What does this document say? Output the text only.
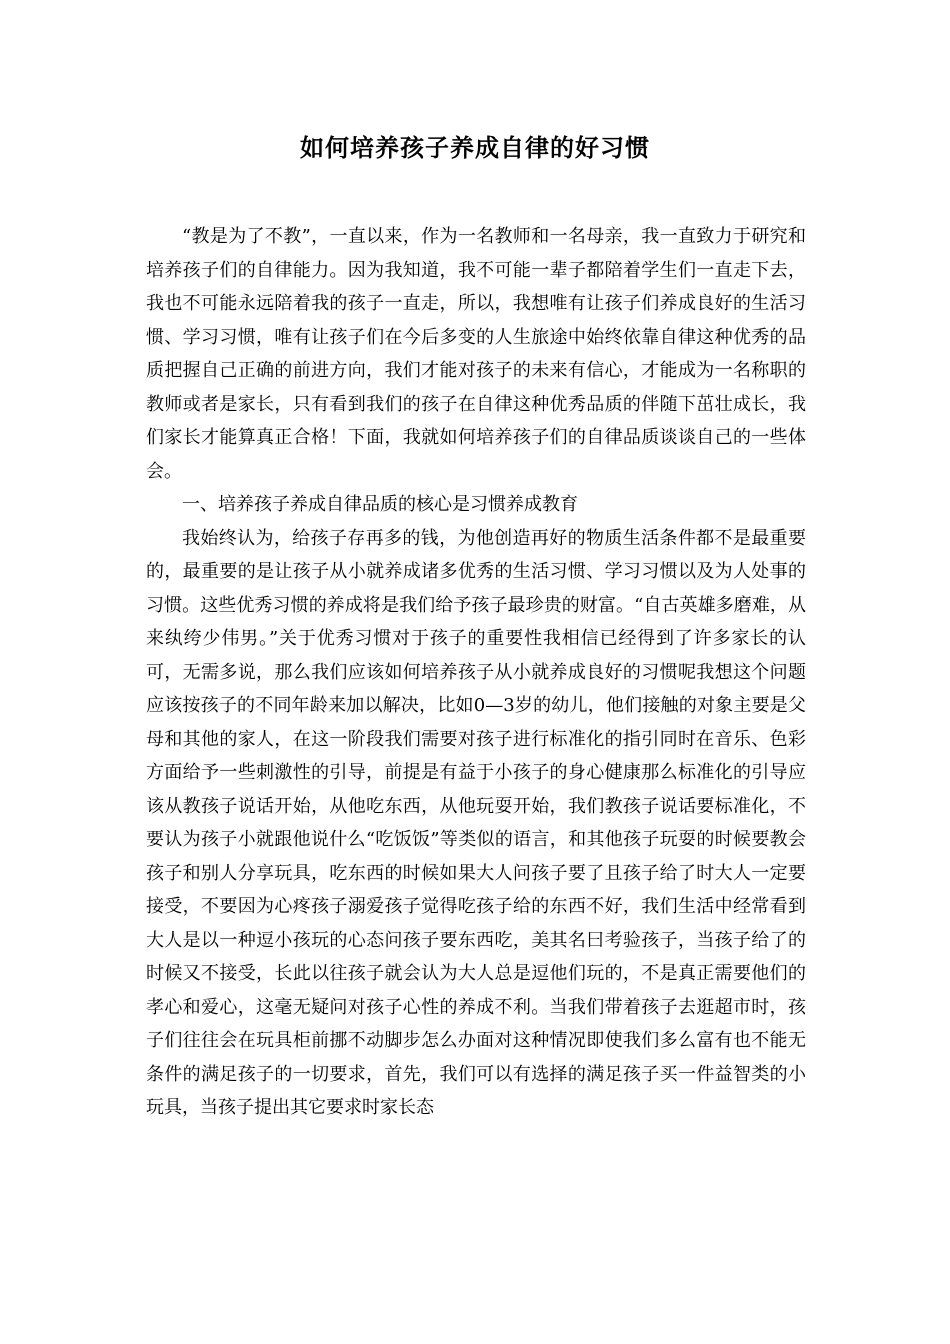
如何培养孩子养成自律的好习惯

“教是为了不教”，一直以来，作为一名教师和一名母亲，我一直致力于研究和培养孩子们的自律能力。因为我知道，我不可能一辈子都陪着学生们一直走下去，我也不可能永远陪着我的孩子一直走，所以，我想唯有让孩子们养成良好的生活习惯、学习习惯，唯有让孩子们在今后多变的人生旅途中始终依靠自律这种优秀的品质把握自己正确的前进方向，我们才能对孩子的未来有信心，才能成为一名称职的教师或者是家长，只有看到我们的孩子在自律这种优秀品质的伴随下茁壮成长，我们家长才能算真正合格！下面，我就如何培养孩子们的自律品质谈谈自己的一些体会。

一、培养孩子养成自律品质的核心是习惯养成教育

我始终认为，给孩子存再多的钱，为他创造再好的物质生活条件都不是最重要的，最重要的是让孩子从小就养成诸多优秀的生活习惯、学习习惯以及为人处事的习惯。这些优秀习惯的养成将是我们给予孩子最珍贵的财富。“自古英雄多磨难，从来纨绔少伟男。”关于优秀习惯对于孩子的重要性我相信已经得到了许多家长的认可，无需多说，那么我们应该如何培养孩子从小就养成良好的习惯呢我想这个问题应该按孩子的不同年龄来加以解决，比如0—3岁的幼儿，他们接触的对象主要是父母和其他的家人，在这一阶段我们需要对孩子进行标准化的指引同时在音乐、色彩方面给予一些刺激性的引导，前提是有益于小孩子的身心健康那么标准化的引导应该从教孩子说话开始，从他吃东西，从他玩耍开始，我们教孩子说话要标准化，不要认为孩子小就跟他说什么“吃饭饭”等类似的语言，和其他孩子玩耍的时候要教会孩子和别人分享玩具，吃东西的时候如果大人问孩子要了且孩子给了时大人一定要接受，不要因为心疼孩子溺爱孩子觉得吃孩子给的东西不好，我们生活中经常看到大人是以一种逗小孩玩的心态问孩子要东西吃，美其名曰考验孩子，当孩子给了的时候又不接受，长此以往孩子就会认为大人总是逗他们玩的，不是真正需要他们的孝心和爱心，这毫无疑问对孩子心性的养成不利。当我们带着孩子去逛超市时，孩子们往往会在玩具柜前挪不动脚步怎么办面对这种情况即使我们多么富有也不能无条件的满足孩子的一切要求，首先，我们可以有选择的满足孩子买一件益智类的小玩具，当孩子提出其它要求时家长态
